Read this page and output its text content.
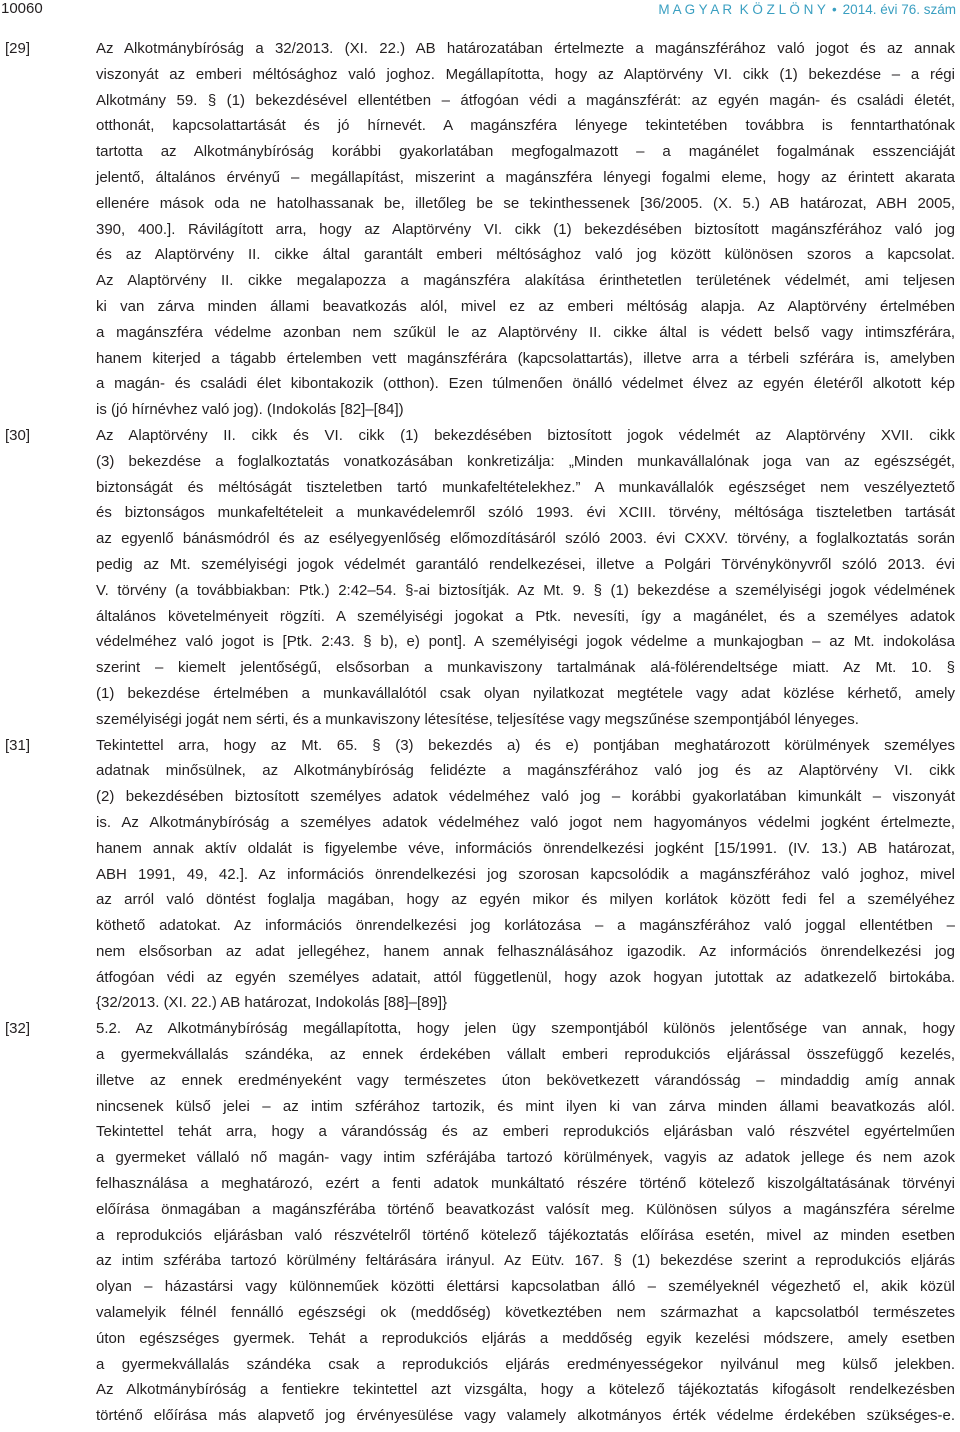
10060	M A G Y A R  K Ö Z L Ö N Y • 2014. évi 76. szám
[29]	Az Alkotmánybíróság a 32/2013. (XI. 22.) AB határozatában értelmezte a magánszférához való jogot és az annak
viszonyát az emberi méltósághoz való joghoz. Megállapította, hogy az Alaptörvény VI. cikk (1) bekezdése – a régi
Alkotmány 59. § (1) bekezdésével ellentétben – átfogóan védi a magánszférát: az egyén magán- és családi életét,
otthonát, kapcsolattartását és jó hírnevét. A magánszféra lényege tekintetében továbbra is fenntarthatónak
tartotta az Alkotmánybíróság korábbi gyakorlatában megfogalmazott – a magánélet fogalmának esszenciáját
jelentő, általános érvényű – megállapítást, miszerint a magánszféra lényegi fogalmi eleme, hogy az érintett akarata
ellenére mások oda ne hatolhassanak be, illetőleg be se tekinthessenek [36/2005. (X. 5.) AB határozat, ABH 2005,
390, 400.]. Rávilágított arra, hogy az Alaptörvény VI. cikk (1) bekezdésében biztosított magánszférához való jog
és az Alaptörvény II. cikke által garantált emberi méltósághoz való jog között különösen szoros a kapcsolat.
Az Alaptörvény II. cikke megalapozza a magánszféra alakítása érinthetetlen területének védelmét, ami teljesen
ki van zárva minden állami beavatkozás alól, mivel ez az emberi méltóság alapja. Az Alaptörvény értelmében
a magánszféra védelme azonban nem szűkül le az Alaptörvény II. cikke által is védett belső vagy intimszférára,
hanem kiterjed a tágabb értelemben vett magánszférára (kapcsolattartás), illetve arra a térbeli szférára is, amelyben
a magán- és családi élet kibontakozik (otthon). Ezen túlmenően önálló védelmet élvez az egyén életéről alkotott kép
is (jó hírnévhez való jog). (Indokolás [82]–[84])
[30]	Az Alaptörvény II. cikk és VI. cikk (1) bekezdésében biztosított jogok védelmét az Alaptörvény XVII. cikk
(3) bekezdése a foglalkoztatás vonatkozásában konkretizálja: „Minden munkavállalónak joga van az egészségét,
biztonságát és méltóságát tiszteletben tartó munkafeltételekhez.” A munkavállalók egészséget nem veszélyeztető
és biztonságos munkafeltételeit a munkavédelemről szóló 1993. évi XCIII. törvény, méltósága tiszteletben tartását
az egyenlő bánásmódról és az esélyegyenlőség előmozdításáról szóló 2003. évi CXXV. törvény, a foglalkoztatás során
pedig az Mt. személyiségi jogok védelmét garantáló rendelkezései, illetve a Polgári Törvénykönyvről szóló 2013. évi
V. törvény (a továbbiakban: Ptk.) 2:42–54. §-ai biztosítják. Az Mt. 9. § (1) bekezdése a személyiségi jogok védelmének
általános követelményeit rögzíti. A személyiségi jogokat a Ptk. nevesíti, így a magánélet, és a személyes adatok
védelméhez való jogot is [Ptk. 2:43. § b), e) pont]. A személyiségi jogok védelme a munkajogban – az Mt. indokolása
szerint – kiemelt jelentőségű, elsősorban a munkaviszony tartalmának alá-fölérendeltsége miatt. Az Mt. 10. §
(1) bekezdése értelmében a munkavállalótól csak olyan nyilatkozat megtétele vagy adat közlése kérhető, amely
személyiségi jogát nem sérti, és a munkaviszony létesítése, teljesítése vagy megszűnése szempontjából lényeges.
[31]	Tekintettel arra, hogy az Mt. 65. § (3) bekezdés a) és e) pontjában meghatározott körülmények személyes
adatnak minősülnek, az Alkotmánybíróság felidézte a magánszférához való jog és az Alaptörvény VI. cikk
(2) bekezdésében biztosított személyes adatok védelméhez való jog – korábbi gyakorlatában kimunkált – viszonyát
is. Az Alkotmánybíróság a személyes adatok védelméhez való jogot nem hagyományos védelmi jogként értelmezte,
hanem annak aktív oldalát is figyelembe véve, információs önrendelkezési jogként [15/1991. (IV. 13.) AB határozat,
ABH 1991, 49, 42.]. Az információs önrendelkezési jog szorosan kapcsolódik a magánszférához való joghoz, mivel
az arról való döntést foglalja magában, hogy az egyén mikor és milyen korlátok között fedi fel a személyéhez
köthető adatokat. Az információs önrendelkezési jog korlátozása – a magánszférához való joggal ellentétben –
nem elsősorban az adat jellegéhez, hanem annak felhasználásához igazodik. Az információs önrendelkezési jog
átfogóan védi az egyén személyes adatait, attól függetlenül, hogy azok hogyan jutottak az adatkezelő birtokába.
{32/2013. (XI. 22.) AB határozat, Indokolás [88]–[89]}
[32]	5.2. Az Alkotmánybíróság megállapította, hogy jelen ügy szempontjából különös jelentősége van annak, hogy
a gyermekvállalás szándéka, az ennek érdekében vállalt emberi reprodukciós eljárással összefüggő kezelés,
illetve az ennek eredményeként vagy természetes úton bekövetkezett várandósság – mindaddig amíg annak
nincsenek külső jelei – az intim szférához tartozik, és mint ilyen ki van zárva minden állami beavatkozás alól.
Tekintettel tehát arra, hogy a várandósság és az emberi reprodukciós eljárásban való részvétel egyértelműen
a gyermeket vállaló nő magán- vagy intim szférájába tartozó körülmények, vagyis az adatok jellege és nem azok
felhasználása a meghatározó, ezért a fenti adatok munkáltató részére történő kötelező kiszolgáltatásának törvényi
előírása önmagában a magánszférába történő beavatkozást valósít meg. Különösen súlyos a magánszféra sérelme
a reprodukciós eljárásban való részvételről történő kötelező tájékoztatás előírása esetén, mivel az minden esetben
az intim szférába tartozó körülmény feltárására irányul. Az Eütv. 167. § (1) bekezdése szerint a reprodukciós eljárás
olyan – házastársi vagy különneműek közötti élettársi kapcsolatban álló – személyeknél végezhető el, akik közül
valamelyik félnél fennálló egészségi ok (meddőség) következtében nem származhat a kapcsolatból természetes
úton egészséges gyermek. Tehát a reprodukciós eljárás a meddőség egyik kezelési módszere, amely esetben
a gyermekvállalás szándéka csak a reprodukciós eljárás eredményességekor nyilvánul meg külső jelekben.
Az Alkotmánybíróság a fentiekre tekintettel azt vizsgálta, hogy a kötelező tájékoztatás kifogásolt rendelkezésben
történő előírása más alapvető jog érvényesülése vagy valamely alkotmányos érték védelme érdekében szükséges-e.
